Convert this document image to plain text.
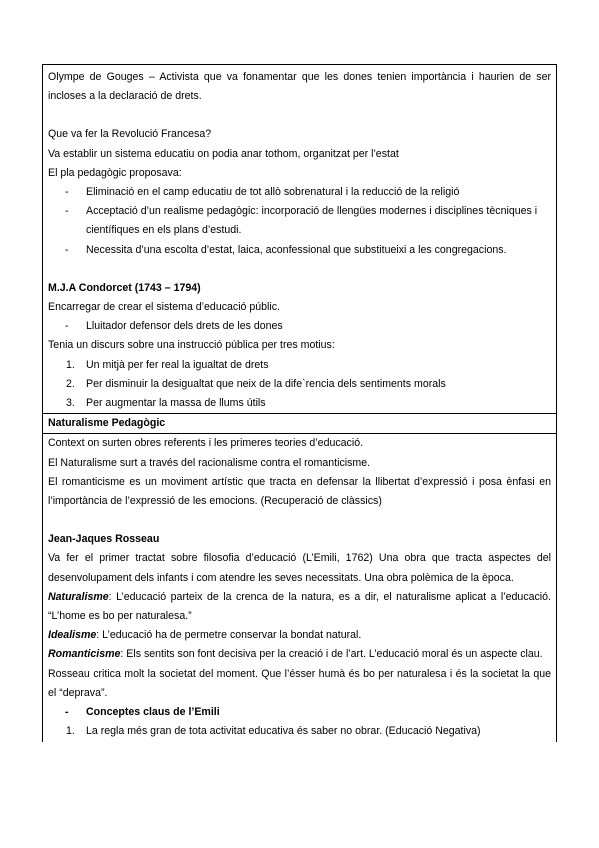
Olympe de Gouges – Activista que va fonamentar que les dones tenien importància i haurien de ser incloses a la declaració de drets.

Que va fer la Revolució Francesa?

Va establir un sistema educatiu on podia anar tothom, organitzat per l’estat

El pla pedagògic proposava:

- Eliminació en el camp educatiu de tot allò sobrenatural i la reducció de la religió
- Acceptació d’un realisme pedagògic: incorporació de llengües modernes i disciplines tècniques i científiques en els plans d’estudi.
- Necessita d’una escolta d’estat, laica, aconfessional que substitueixi a les congregacions.

M.J.A Condorcet (1743 – 1794)

Encarregar de crear el sistema d’educació públic.

- Lluitador defensor dels drets de les dones

Tenia un discurs sobre una instrucció pública per tres motius:

1. Un mitjà per fer real la igualtat de drets
2. Per disminuir la desigualtat que neix de la dife`rencia dels sentiments morals
3. Per augmentar la massa de llums útils

Naturalisme Pedagògic

Context on surten obres referents i les primeres teories d’educació.

El Naturalisme surt a través del racionalisme contra el romanticisme.

El romanticisme es un moviment artístic que tracta en defensar la llibertat d’expressió i posa ènfasi en l’importància de l’expressió de les emocions. (Recuperació de clàssics)

Jean-Jaques Rosseau

Va fer el primer tractat sobre filosofia d’educació (L’Emili, 1762) Una obra que tracta aspectes del desenvolupament dels infants i com atendre les seves necessitats. Una obra polèmica de la època.

Naturalisme: L’educació parteix de la crenca de la natura, es a dir, el naturalisme aplicat a l’educació. “L’home es bo per naturalesa.”

Idealisme: L’educació ha de permetre conservar la bondat natural.

Romanticisme: Els sentits son font decisiva per la creació i de l’art. L’educació moral és un aspecte clau.

Rosseau critica molt la societat del moment. Que l’ésser humà és bo per naturalesa i és la societat la que el “deprava”.

- Conceptes claus de l’Emili
1. La regla més gran de tota activitat educativa és saber no obrar. (Educació Negativa)
